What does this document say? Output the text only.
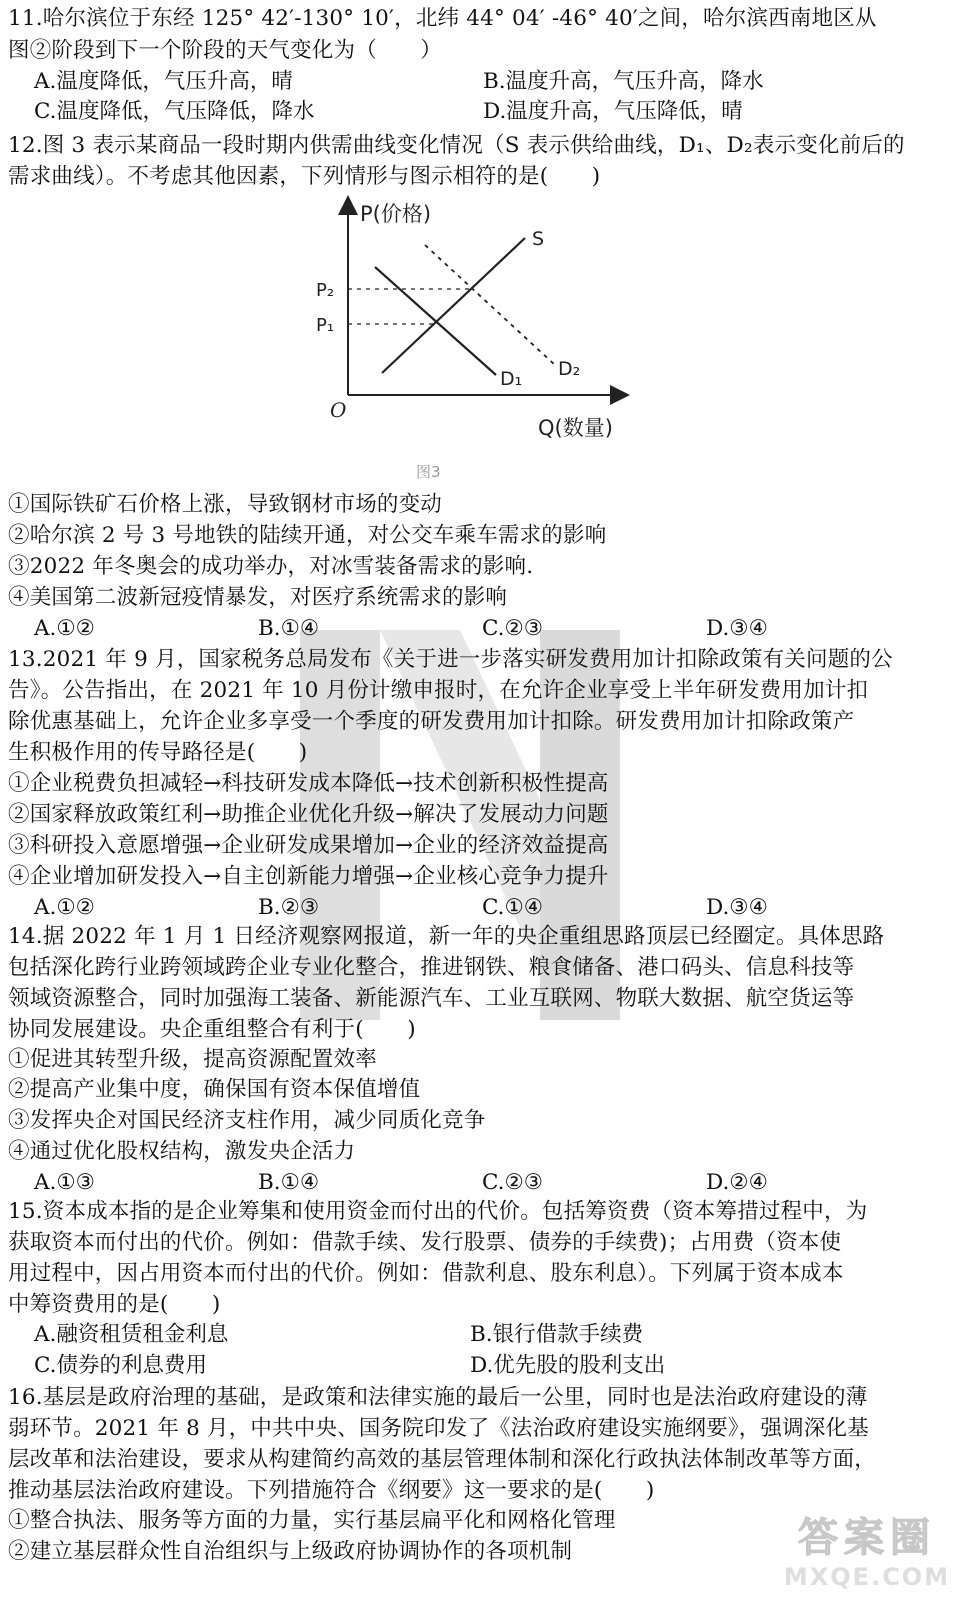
11.哈尔滨位于东经 125° 42′-130° 10′，北纬 44° 04′ -46° 40′之间，哈尔滨西南地区从
图②阶段到下一个阶段的天气变化为（　　）
A.温度降低，气压升高，晴	B.温度升高，气压升高，降水
C.温度降低，气压降低，降水	D.温度升高，气压降低，晴
12.图 3 表示某商品一段时期内供需曲线变化情况（S 表示供给曲线，D₁、D₂表示变化前后的
需求曲线）。不考虑其他因素，下列情形与图示相符的是(　　)
P(价格)
Q(数量)
O
S
D₁ D₂
P₂
P₁
图3
①国际铁矿石价格上涨，导致钢材市场的变动
②哈尔滨 2 号 3 号地铁的陆续开通，对公交车乘车需求的影响
③2022 年冬奥会的成功举办，对冰雪装备需求的影响.
④美国第二波新冠疫情暴发，对医疗系统需求的影响
A.①②	B.①④	C.②③	D.③④
13.2021 年 9 月，国家税务总局发布《关于进一步落实研发费用加计扣除政策有关问题的公
告》。公告指出，在 2021 年 10 月份计缴申报时，在允许企业享受上半年研发费用加计扣
除优惠基础上，允许企业多享受一个季度的研发费用加计扣除。研发费用加计扣除政策产
生积极作用的传导路径是(　　)
①企业税费负担减轻→科技研发成本降低→技术创新积极性提高
②国家释放政策红利→助推企业优化升级→解决了发展动力问题
③科研投入意愿增强→企业研发成果增加→企业的经济效益提高
④企业增加研发投入→自主创新能力增强→企业核心竞争力提升
A.①②	B.②③	C.①④	D.③④
14.据 2022 年 1 月 1 日经济观察网报道，新一年的央企重组思路顶层已经圈定。具体思路
包括深化跨行业跨领域跨企业专业化整合，推进钢铁、粮食储备、港口码头、信息科技等
领域资源整合，同时加强海工装备、新能源汽车、工业互联网、物联大数据、航空货运等
协同发展建设。央企重组整合有利于(　　)
①促进其转型升级，提高资源配置效率
②提高产业集中度，确保国有资本保值增值
③发挥央企对国民经济支柱作用，减少同质化竞争
④通过优化股权结构，激发央企活力
A.①③	B.①④	C.②③	D.②④
15.资本成本指的是企业筹集和使用资金而付出的代价。包括筹资费（资本筹措过程中，为
获取资本而付出的代价。例如：借款手续、发行股票、债券的手续费)；占用费（资本使
用过程中，因占用资本而付出的代价。例如：借款利息、股东利息）。下列属于资本成本
中筹资费用的是(　　)
A.融资租赁租金利息	B.银行借款手续费
C.债券的利息费用	D.优先股的股利支出
16.基层是政府治理的基础，是政策和法律实施的最后一公里，同时也是法治政府建设的薄
弱环节。2021 年 8 月，中共中央、国务院印发了《法治政府建设实施纲要》，强调深化基
层改革和法治建设，要求从构建简约高效的基层管理体制和深化行政执法体制改革等方面，
推动基层法治政府建设。下列措施符合《纲要》这一要求的是(　　)
①整合执法、服务等方面的力量，实行基层扁平化和网格化管理
②建立基层群众性自治组织与上级政府协调协作的各项机制	答案圈
MXQE.COM
